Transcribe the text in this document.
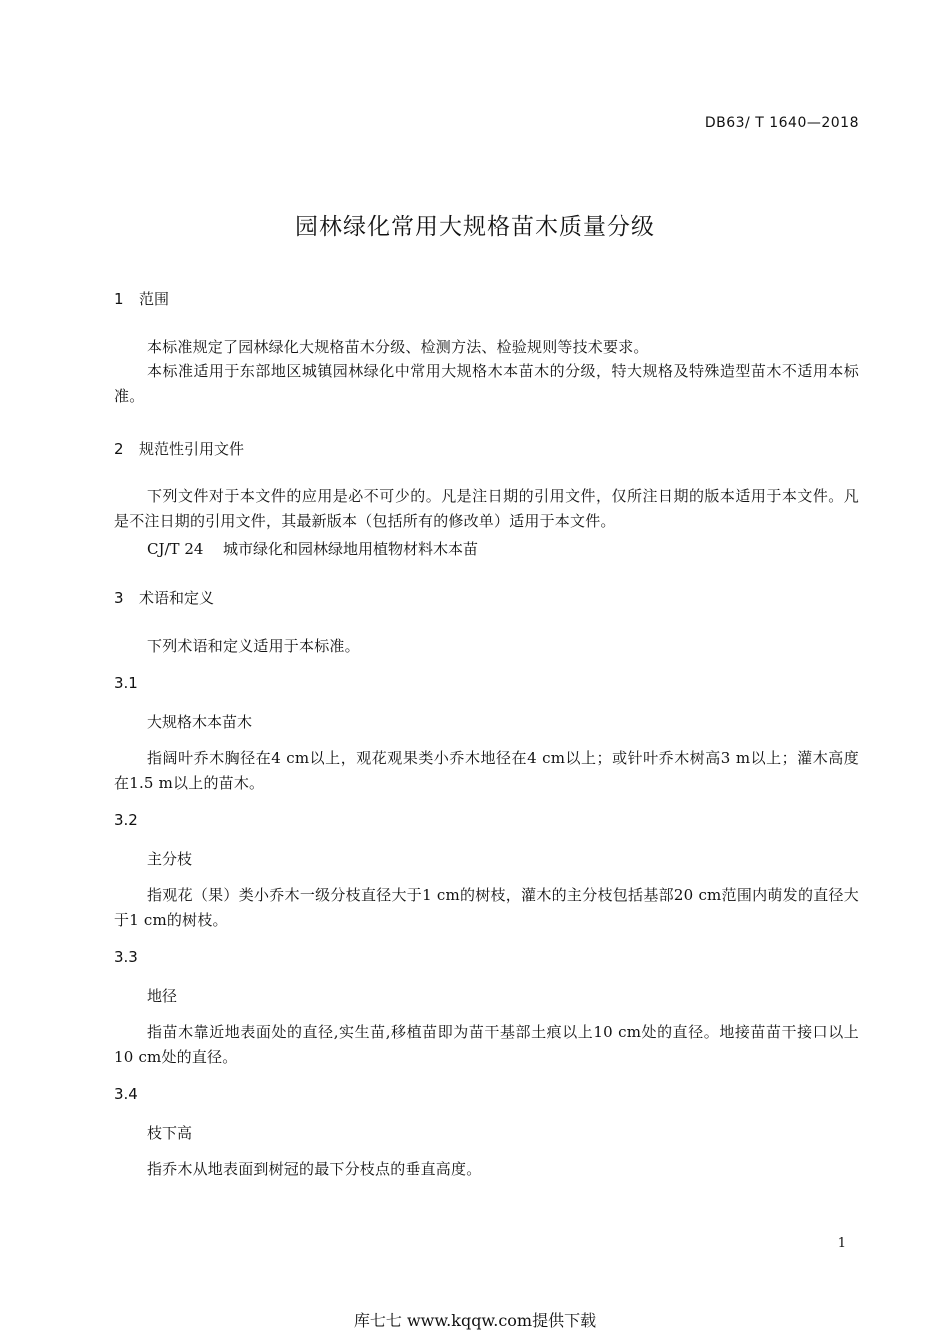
DB63/ T 1640—2018
园林绿化常用大规格苗木质量分级
1 范围

本标准规定了园林绿化大规格苗木分级、检测方法、检验规则等技术要求。

本标准适用于东部地区城镇园林绿化中常用大规格木本苗木的分级，特大规格及特殊造型苗木不适用本标准。

2 规范性引用文件

下列文件对于本文件的应用是必不可少的。凡是注日期的引用文件，仅所注日期的版本适用于本文件。凡是不注日期的引用文件，其最新版本（包括所有的修改单）适用于本文件。

CJ/T 24 城市绿化和园林绿地用植物材料木本苗
3 术语和定义

下列术语和定义适用于本标准。

3.1
大规格木本苗木

指阔叶乔木胸径在4 cm以上，观花观果类小乔木地径在4 cm以上；或针叶乔木树高3 m以上；灌木高度在1.5 m以上的苗木。

3.2
主分枝

指观花（果）类小乔木一级分枝直径大于1 cm的树枝，灌木的主分枝包括基部20 cm范围内萌发的直径大于1 cm的树枝。

3.3
地径

指苗木靠近地表面处的直径,实生苗,移植苗即为苗干基部土痕以上10 cm处的直径。地接苗苗干接口以上10 cm处的直径。

3.4
枝下高

指乔木从地表面到树冠的最下分枝点的垂直高度。

1
库七七 www.kqqw.com提供下载
